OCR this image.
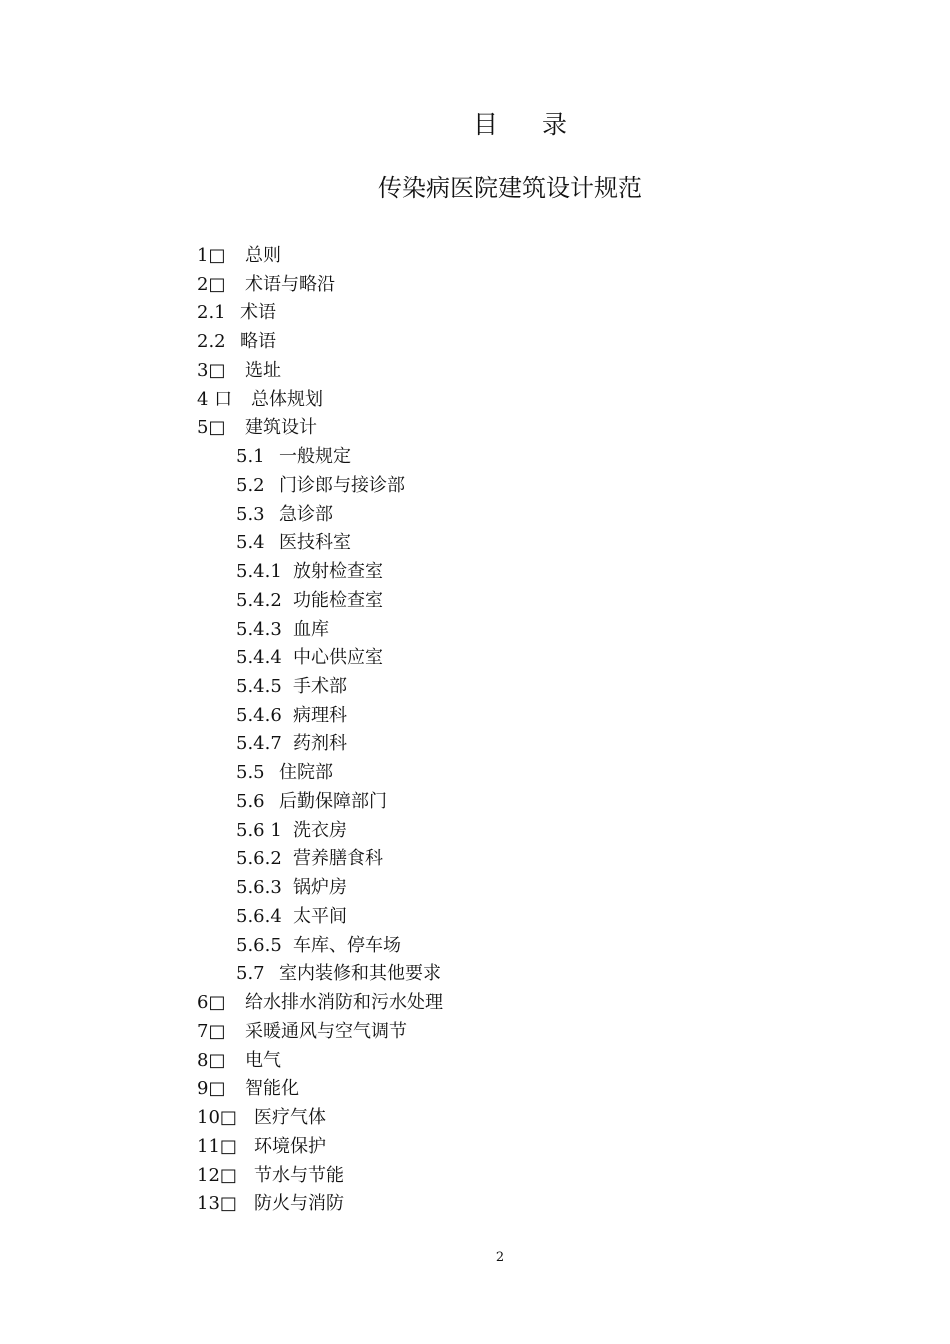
目 录
传染病医院建筑设计规范
1□	总则
2□	术语与略沿
2.1 术语
2.2 略语
3□	选址
4 口	总体规划
5□	建筑设计
5.1 一般规定
5.2 门诊郎与接诊部
5.3 急诊部
5.4 医技科室
5.4.1 放射检查室
5.4.2 功能检查室
5.4.3 血库
5.4.4 中心供应室
5.4.5 手术部
5.4.6 病理科
5.4.7 药剂科
5.5 住院部
5.6 后勤保障部门
5.6 1 洗衣房
5.6.2 营养膳食科
5.6.3 锅炉房
5.6.4 太平间
5.6.5 车库、停车场
5.7 室内装修和其他要求
6□	给水排水消防和污水处理
7□	采暖通风与空气调节
8□	电气
9□	智能化
10□ 医疗气体
11□ 环境保护
12□ 节水与节能
13□ 防火与消防
2
